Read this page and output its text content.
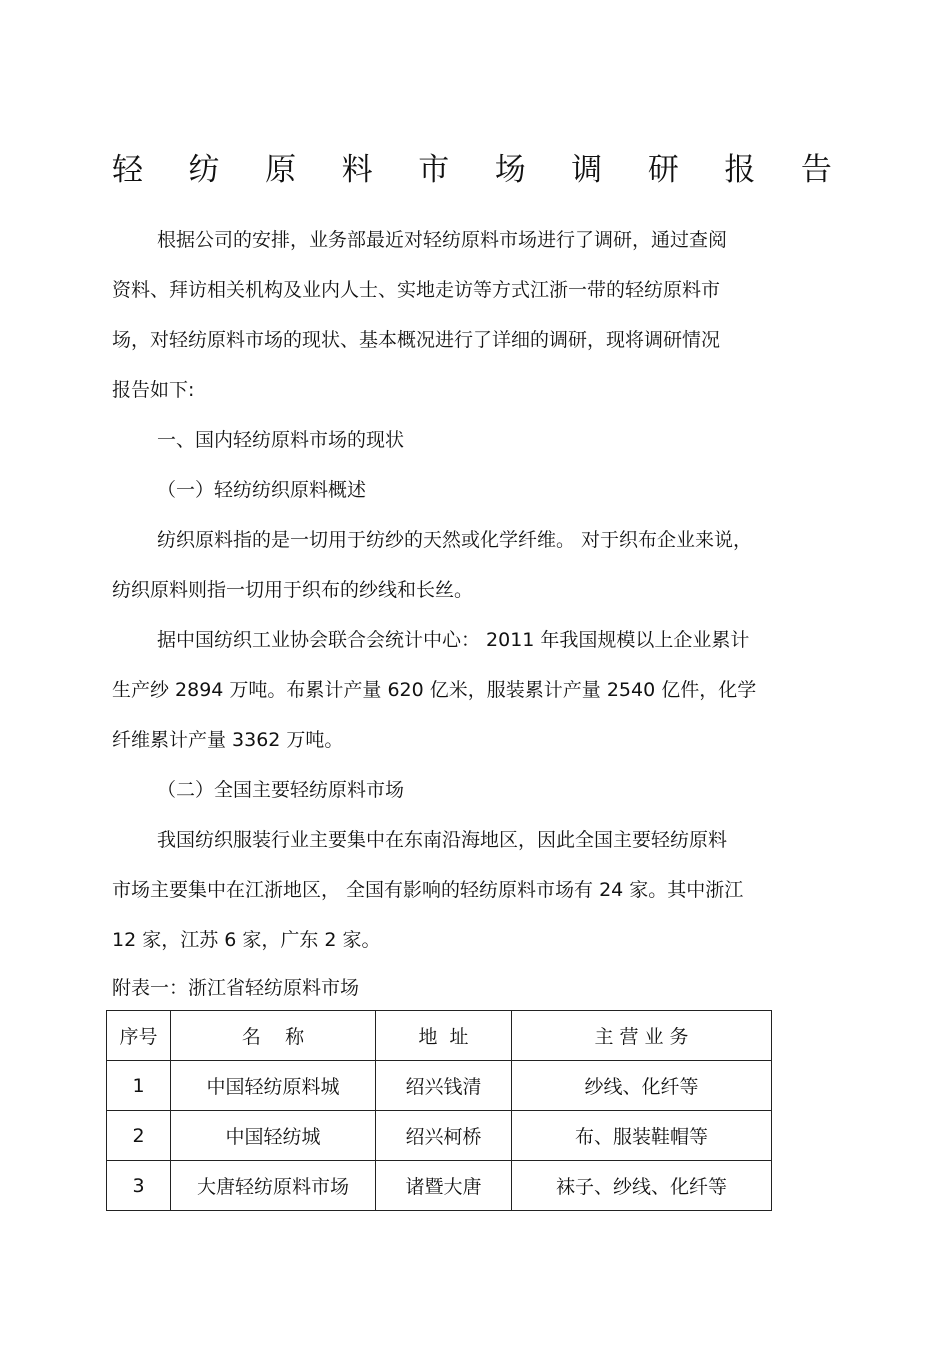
轻 纺 原 料 市 场 调 研 报 告
根据公司的安排，业务部最近对轻纺原料市场进行了调研，通过查阅
资料、拜访相关机构及业内人士、实地走访等方式江浙一带的轻纺原料市
场，对轻纺原料市场的现状、基本概况进行了详细的调研，现将调研情况
报告如下:
一、国内轻纺原料市场的现状
（一）轻纺纺织原料概述
纺织原料指的是一切用于纺纱的天然或化学纤维。 对于织布企业来说，
纺织原料则指一切用于织布的纱线和长丝。
据中国纺织工业协会联合会统计中心： 2011 年我国规模以上企业累计
生产纱 2894 万吨。布累计产量 620 亿米，服装累计产量 2540 亿件，化学
纤维累计产量 3362 万吨。
（二）全国主要轻纺原料市场
我国纺织服装行业主要集中在东南沿海地区，因此全国主要轻纺原料
市场主要集中在江浙地区， 全国有影响的轻纺原料市场有 24 家。其中浙江
12 家，江苏 6 家，广东 2 家。
附表一：浙江省轻纺原料市场
序号	名    称	地  址	主 营 业 务
1	中国轻纺原料城	绍兴钱清	纱线、化纤等
2	中国轻纺城	绍兴柯桥	布、服装鞋帽等
3	大唐轻纺原料市场	诸暨大唐	袜子、纱线、化纤等
